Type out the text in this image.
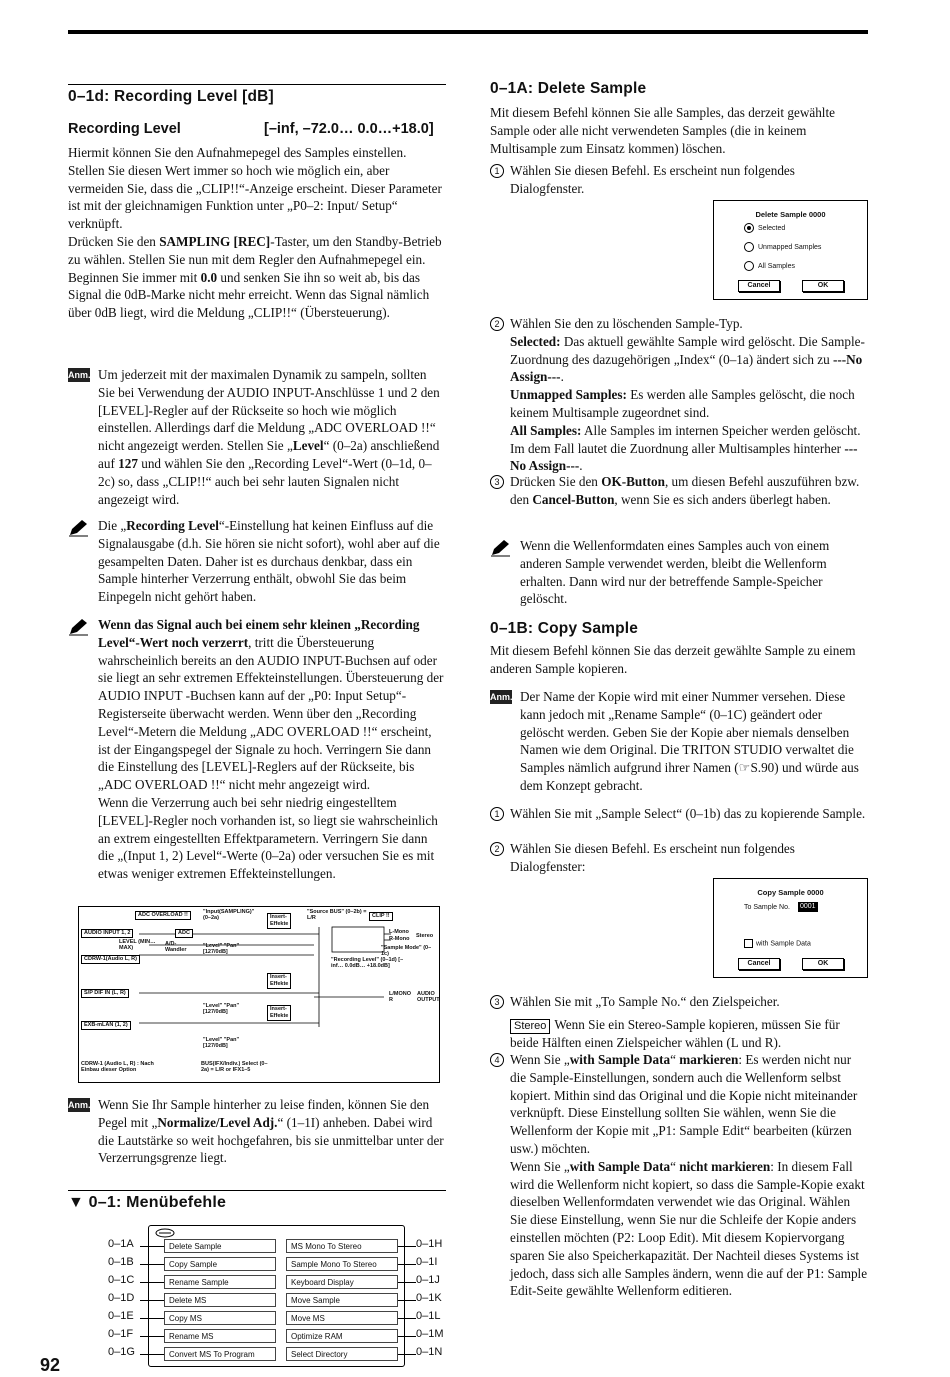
0–1d: Recording Level [dB]
Recording Level	[–inf, –72.0… 0.0…+18.0]

Hiermit können Sie den Aufnahmepegel des Samples einstellen. Stellen Sie diesen Wert immer so hoch wie möglich ein, aber vermeiden Sie, dass die „CLIP!!“-Anzeige erscheint. Dieser Parameter ist mit der gleichnamigen Funktion unter „P0–2: Input/ Setup“ verknüpft.

Drücken Sie den SAMPLING [REC]-Taster, um den Standby-Betrieb zu wählen. Stellen Sie nun mit dem Regler den Aufnahmepegel ein.

Beginnen Sie immer mit 0.0 und senken Sie ihn so weit ab, bis das Signal die 0dB-Marke nicht mehr erreicht. Wenn das Signal nämlich über 0dB liegt, wird die Meldung „CLIP!!“ (Übersteuerung).

Anm. Um jederzeit mit der maximalen Dynamik zu sampeln, sollten Sie bei Verwendung der AUDIO INPUT-Anschlüsse 1 und 2 den [LEVEL]-Regler auf der Rückseite so hoch wie möglich einstellen. Allerdings darf die Meldung „ADC OVERLOAD !!“ nicht angezeigt werden. Stellen Sie „Level“ (0–2a) anschließend auf 127 und wählen Sie den „Recording Level“-Wert (0–1d, 0–2c) so, dass „CLIP!!“ auch bei sehr lauten Signalen nicht angezeigt wird.
Die „Recording Level“-Einstellung hat keinen Einfluss auf die Signalausgabe (d.h. Sie hören sie nicht sofort), wohl aber auf die gesampelten Daten. Daher ist es durchaus denkbar, dass ein Sample hinterher Verzerrung enthält, obwohl Sie das beim Einpegeln nicht gehört haben.
Wenn das Signal auch bei einem sehr kleinen „Recording Level“-Wert noch verzerrt, tritt die Übersteuerung wahrscheinlich bereits an den AUDIO INPUT-Buchsen auf oder sie liegt an sehr extremen Effekteinstellungen. Übersteuerung der AUDIO INPUT -Buchsen kann auf der „P0: Input Setup“-Registerseite überwacht werden. Wenn über den „Recording Level“-Metern die Meldung „ADC OVERLOAD !!“ erscheint, ist der Eingangspegel der Signale zu hoch. Verringern Sie dann die Einstellung des [LEVEL]-Reglers auf der Rückseite, bis „ADC OVERLOAD !!“ nicht mehr angezeigt wird.
Wenn die Verzerrung auch bei sehr niedrig eingestelltem [LEVEL]-Regler noch vorhanden ist, so liegt sie wahrscheinlich an extrem eingestellten Effektparametern. Verringern Sie dann die „(Input 1, 2) Level“-Werte (0–2a) oder versuchen Sie es mit etwas weniger extremen Effekteinstellungen.
Anm. Wenn Sie Ihr Sample hinterher zu leise finden, können Sie den Pegel mit „Normalize/Level Adj.“ (1–1I) anheben. Dabei wird die Lautstärke so weit hochgefahren, bis sie unmittelbar unter der Verzerrungsgrenze liegt.
▼ 0–1: Menübefehle
ADC OVERLOAD !!	"Input(SAMPLING)" (0–2a)	Insert-Effekte
"Source BUS" (0–2b) = L/R	CLIP !!
AUDIO INPUT 1, 2	ADC
LEVEL (MIN…MAX)
A/D-Wandler
"Level" "Pan" [127/0dB]
L-Mono
R-Mono Stereo
"Sample Mode" (0–1c)
CDRW-1(Audio L, R)	"Recording Level" (0–1d) [–inf… 0.0dB… +18.0dB]
Insert-Effekte
S/P DIF IN (L, R)	L/MONO R
AUDIO OUTPUT
"Level" "Pan" [127/0dB]	Insert-Effekte
EXB-mLAN (1, 2)
"Level" "Pan" [127/0dB]
CDRW-1 (Audio L, R) : Nach Einbau dieser Option
BUS(IFX/Indiv.) Select (0–2a) = L/R or IFX1–5
0–1A	Delete Sample	MS Mono To Stereo	0–1H
0–1B	Copy Sample	Sample Mono To Stereo	0–1I
0–1C	Rename Sample	Keyboard Display	0–1J
0–1D	Delete MS	Move Sample	0–1K
0–1E	Copy MS	Move MS	0–1L
0–1F	Rename MS	Optimize RAM	0–1M
0–1G	Convert MS To Program	Select Directory	0–1N
0–1A: Delete Sample

Mit diesem Befehl können Sie alle Samples, das derzeit gewählte Sample oder alle nicht verwendeten Samples (die in keinem Multisample zum Einsatz kommen) löschen.

1 Wählen Sie diesen Befehl. Es erscheint nun folgendes Dialogfenster.
Delete Sample 0000
Selected
Unmapped Samples
All Samples
Cancel	OK
2 Wählen Sie den zu löschenden Sample-Typ.
Selected: Das aktuell gewählte Sample wird gelöscht. Die Sample-Zuordnung des dazugehörigen „Index“ (0–1a) ändert sich zu ---No Assign---.
Unmapped Samples: Es werden alle Samples gelöscht, die noch keinem Multisample zugeordnet sind.
All Samples: Alle Samples im internen Speicher werden gelöscht. Im dem Fall lautet die Zuordnung aller Multisamples hinterher ---No Assign---.
3 Drücken Sie den OK-Button, um diesen Befehl auszuführen bzw. den Cancel-Button, wenn Sie es sich anders überlegt haben.
Wenn die Wellenformdaten eines Samples auch von einem anderen Sample verwendet werden, bleibt die Wellenform erhalten. Dann wird nur der betreffende Sample-Speicher gelöscht.
0–1B: Copy Sample

Mit diesem Befehl können Sie das derzeit gewählte Sample zu einem anderen Sample kopieren.

Anm. Der Name der Kopie wird mit einer Nummer versehen. Diese kann jedoch mit „Rename Sample“ (0–1C) geändert oder gelöscht werden. Geben Sie der Kopie aber niemals denselben Namen wie dem Original. Die TRITON STUDIO verwaltet die Samples nämlich aufgrund ihrer Namen (☞S.90) und würde aus dem Konzept gebracht.
1 Wählen Sie mit „Sample Select“ (0–1b) das zu kopierende Sample.
2 Wählen Sie diesen Befehl. Es erscheint nun folgendes Dialogfenster:
Copy Sample 0000
To Sample No. 0001
with Sample Data
Cancel	OK
3 Wählen Sie mit „To Sample No.“ den Zielspeicher.
Stereo Wenn Sie ein Stereo-Sample kopieren, müssen Sie für beide Hälften einen Zielspeicher wählen (L und R).
4 Wenn Sie „with Sample Data“ markieren: Es werden nicht nur die Sample-Einstellungen, sondern auch die Wellenform selbst kopiert. Mithin sind das Original und die Kopie nicht miteinander verknüpft. Diese Einstellung sollten Sie wählen, wenn Sie die Wellenform der Kopie mit „P1: Sample Edit“ bearbeiten (kürzen usw.) möchten.
Wenn Sie „with Sample Data“ nicht markieren: In diesem Fall wird die Wellenform nicht kopiert, so dass die Sample-Kopie exakt dieselben Wellenformdaten verwendet wie das Original. Wählen Sie diese Einstellung, wenn Sie nur die Schleife der Kopie anders einstellen möchten (P2: Loop Edit). Mit diesem Kopiervorgang sparen Sie also Speicherkapazität. Der Nachteil dieses Systems ist jedoch, dass sich alle Samples ändern, wenn die auf der P1: Sample Edit-Seite gewählte Wellenform editieren.
92
